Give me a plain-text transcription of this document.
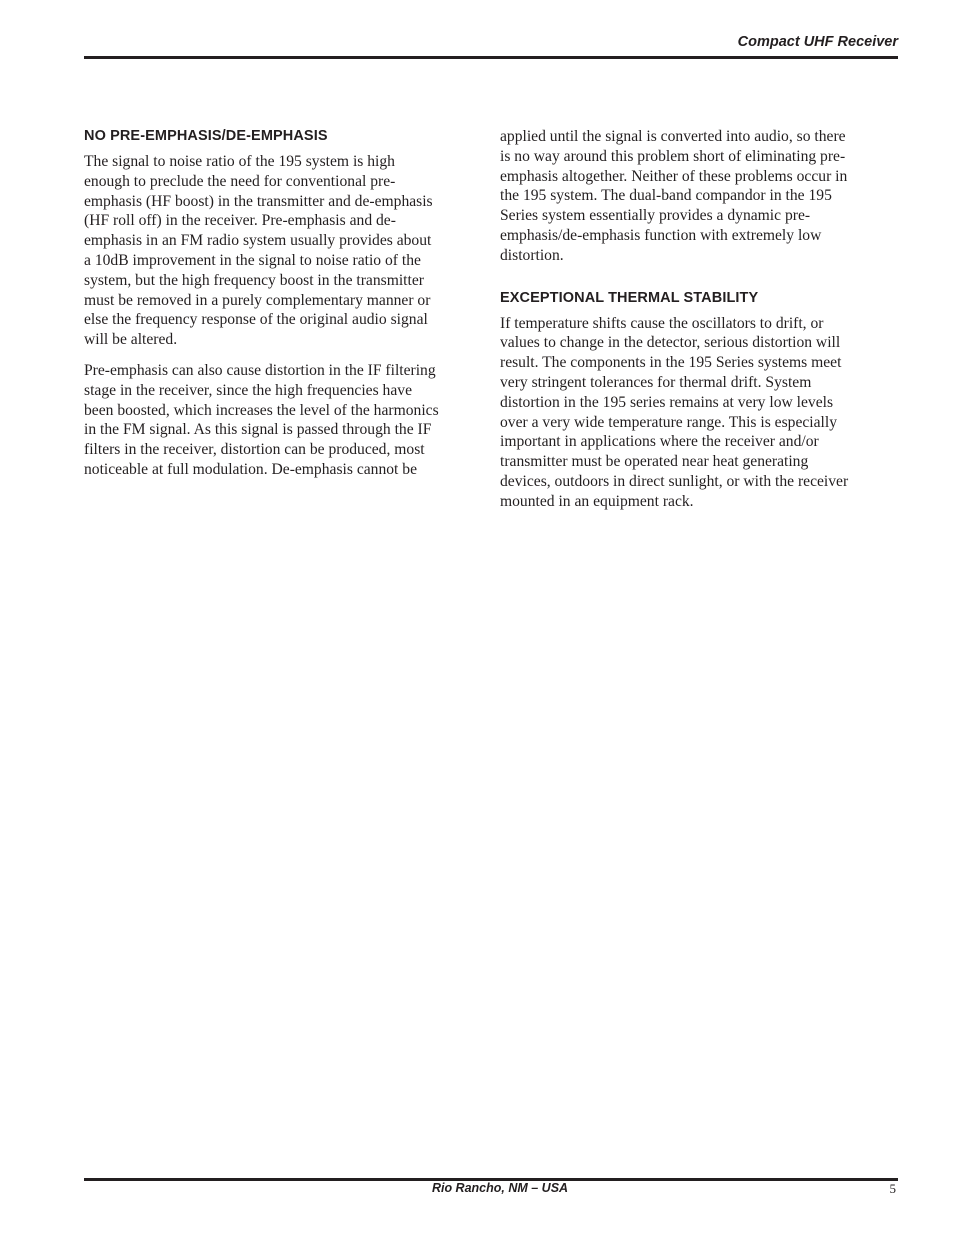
Compact UHF Receiver
NO PRE-EMPHASIS/DE-EMPHASIS

The signal to noise ratio of the 195 system is high
enough to preclude the need for conventional pre-
emphasis (HF boost) in the transmitter and de-emphasis
(HF roll off) in the receiver. Pre-emphasis and de-
emphasis in an FM radio system usually provides about
a 10dB improvement in the signal to noise ratio of the
system, but the high frequency boost in the transmitter
must be removed in a purely complementary manner or
else the frequency response of the original audio signal
will be altered.

Pre-emphasis can also cause distortion in the IF filtering
stage in the receiver, since the high frequencies have
been boosted, which increases the level of the harmonics
in the FM signal. As this signal is passed through the IF
filters in the receiver, distortion can be produced, most
noticeable at full modulation. De-emphasis cannot be

applied until the signal is converted into audio, so there
is no way around this problem short of eliminating pre-
emphasis altogether. Neither of these problems occur in
the 195 system. The dual-band compandor in the 195
Series system essentially provides a dynamic pre-
emphasis/de-emphasis function with extremely low
distortion.

EXCEPTIONAL THERMAL STABILITY

If temperature shifts cause the oscillators to drift, or
values to change in the detector, serious distortion will
result. The components in the 195 Series systems meet
very stringent tolerances for thermal drift. System
distortion in the 195 series remains at very low levels
over a very wide temperature range. This is especially
important in applications where the receiver and/or
transmitter must be operated near heat generating
devices, outdoors in direct sunlight, or with the receiver
mounted in an equipment rack.

Rio Rancho, NM – USA	5
